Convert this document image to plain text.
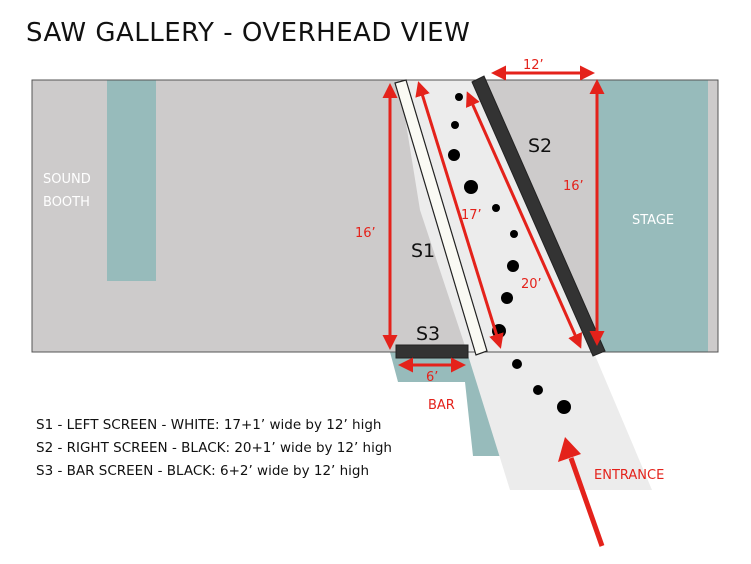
SAW GALLERY - OVERHEAD VIEW
SOUND
BOOTH
STAGE
BAR
ENTRANCE
S1
S2
S3
12’
16’
16’
17’
20’
6’
S1 - LEFT SCREEN - WHITE: 17+1’ wide by 12’ high
S2 - RIGHT SCREEN - BLACK: 20+1’ wide by 12’ high
S3 - BAR SCREEN - BLACK: 6+2’ wide by 12’ high
